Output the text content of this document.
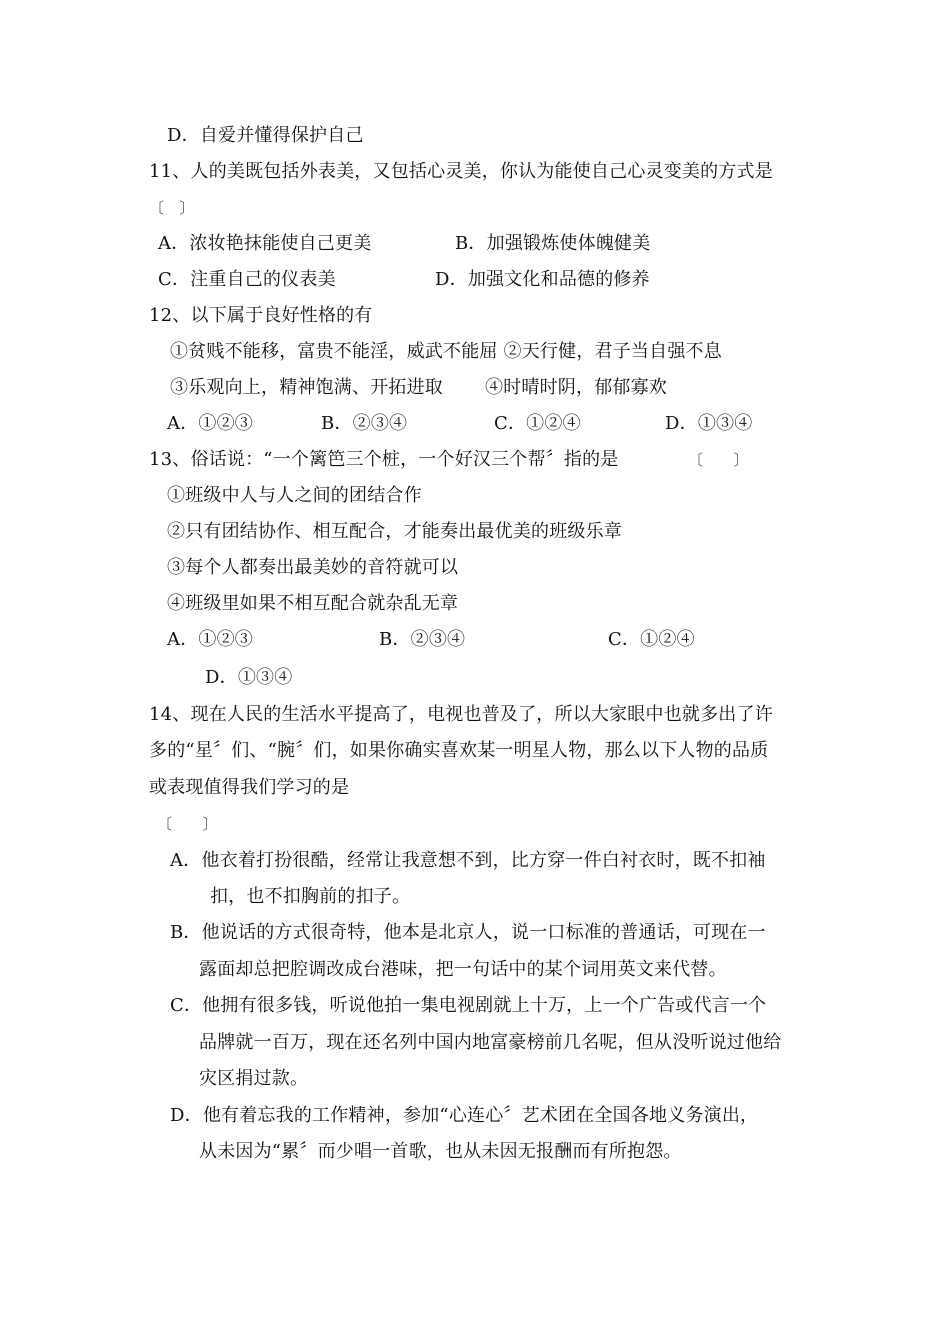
D．自爱并懂得保护自己
11、人的美既包括外表美，又包括心灵美，你认为能使自己心灵变美的方式是
〔　〕
A．浓妆艳抹能使自己更美	B．加强锻炼使体魄健美
C．注重自己的仪表美	D．加强文化和品德的修养
12、以下属于良好性格的有
①贫贱不能移，富贵不能淫，威武不能屈 ②天行健，君子当自强不息
③乐观向上，精神饱满、开拓进取 ④时晴时阴，郁郁寡欢
A．①②③	B．②③④	C．①②④	D．①③④
13、俗话说：“一个篱笆三个桩，一个好汉三个帮〞指的是	〔　　〕
①班级中人与人之间的团结合作
②只有团结协作、相互配合，才能奏出最优美的班级乐章
③每个人都奏出最美妙的音符就可以
④班级里如果不相互配合就杂乱无章
A．①②③	B．②③④	C．①②④
D．①③④
14、现在人民的生活水平提高了，电视也普及了，所以大家眼中也就多出了许
多的“星〞们、“腕〞们，如果你确实喜欢某一明星人物，那么以下人物的品质
或表现值得我们学习的是
〔　　〕
A．他衣着打扮很酷，经常让我意想不到，比方穿一件白衬衣时，既不扣袖
扣，也不扣胸前的扣子。
B．他说话的方式很奇特，他本是北京人，说一口标准的普通话，可现在一
露面却总把腔调改成台港味，把一句话中的某个词用英文来代替。
C．他拥有很多钱，听说他拍一集电视剧就上十万，上一个广告或代言一个
品牌就一百万，现在还名列中国内地富豪榜前几名呢，但从没听说过他给
灾区捐过款。
D．他有着忘我的工作精神，参加“心连心〞艺术团在全国各地义务演出，
从未因为“累〞而少唱一首歌，也从未因无报酬而有所抱怨。
